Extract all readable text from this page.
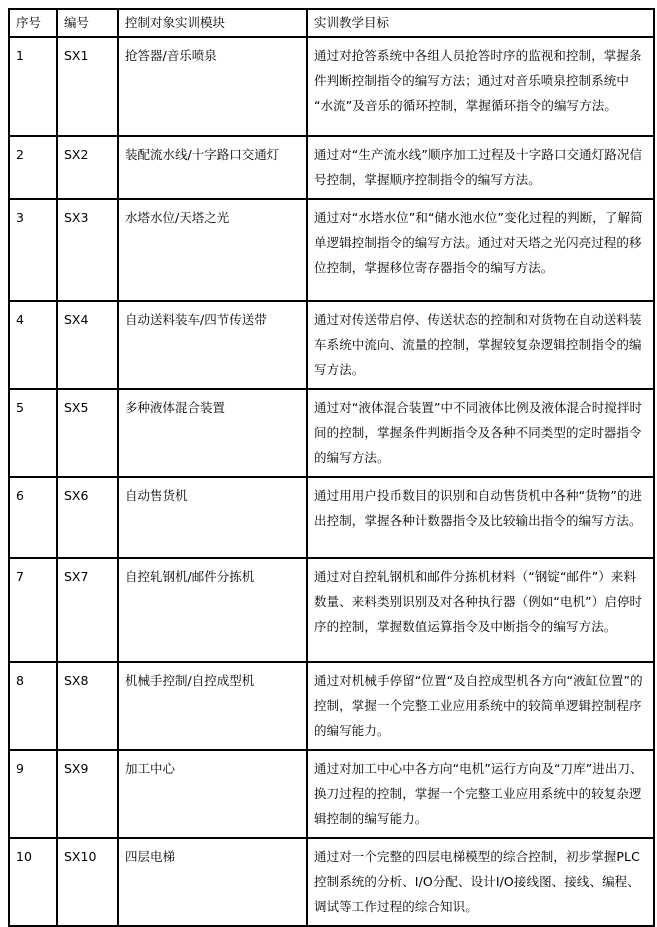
序号	编号	控制对象实训模块	实训教学目标
1	SX1	抢答器/音乐喷泉	通过对抢答系统中各组人员抢答时序的监视和控制，掌握条件判断控制指令的编写方法；通过对音乐喷泉控制系统中“水流”及音乐的循环控制，掌握循环指令的编写方法。
2	SX2	装配流水线/十字路口交通灯	通过对“生产流水线”顺序加工过程及十字路口交通灯路况信号控制，掌握顺序控制指令的编写方法。
3	SX3	水塔水位/天塔之光	通过对“水塔水位”和“储水池水位”变化过程的判断，了解简单逻辑控制指令的编写方法。通过对天塔之光闪亮过程的移位控制，掌握移位寄存器指令的编写方法。
4	SX4	自动送料装车/四节传送带	通过对传送带启停、传送状态的控制和对货物在自动送料装车系统中流向、流量的控制，掌握较复杂逻辑控制指令的编写方法。
5	SX5	多种液体混合装置	通过对“液体混合装置”中不同液体比例及液体混合时搅拌时间的控制，掌握条件判断指令及各种不同类型的定时器指令的编写方法。
6	SX6	自动售货机	通过用用户投币数目的识别和自动售货机中各种“货物”的进出控制，掌握各种计数器指令及比较输出指令的编写方法。
7	SX7	自控轧钢机/邮件分拣机	通过对自控轧钢机和邮件分拣机材料（“钢锭“邮件”）来料数量、来料类别识别及对各种执行器（例如“电机”）启停时序的控制，掌握数值运算指令及中断指令的编写方法。
8	SX8	机械手控制/自控成型机	通过对机械手停留“位置“及自控成型机各方向“液缸位置”的控制，掌握一个完整工业应用系统中的较简单逻辑控制程序的编写能力。
9	SX9	加工中心	通过对加工中心中各方向“电机”运行方向及“刀库”进出刀、换刀过程的控制，掌握一个完整工业应用系统中的较复杂逻辑控制的编写能力。
10	SX10	四层电梯	通过对一个完整的四层电梯模型的综合控制，初步掌握PLC控制系统的分析、I/O分配、设计I/O接线图、接线、编程、调试等工作过程的综合知识。
